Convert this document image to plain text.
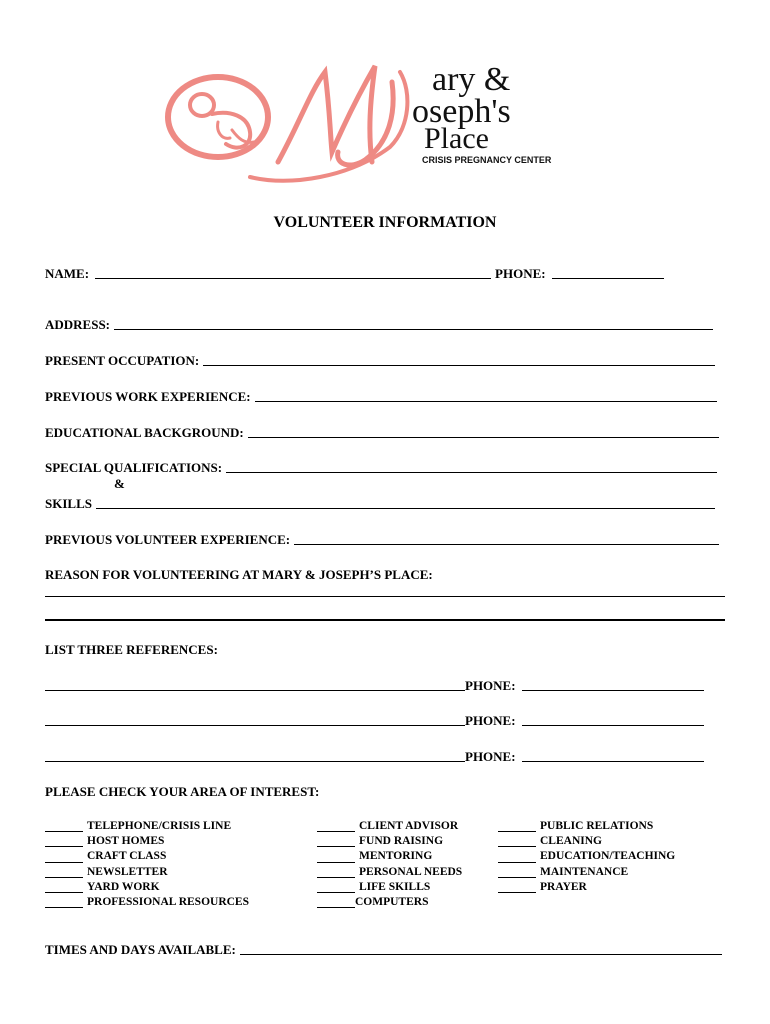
ary &
oseph's
Place
CRISIS PREGNANCY CENTER
VOLUNTEER INFORMATION
NAME:	PHONE:
ADDRESS:
PRESENT OCCUPATION:
PREVIOUS WORK EXPERIENCE:
EDUCATIONAL BACKGROUND:
SPECIAL QUALIFICATIONS:
&
SKILLS
PREVIOUS VOLUNTEER EXPERIENCE:
REASON FOR VOLUNTEERING AT MARY & JOSEPH’S PLACE:
LIST THREE REFERENCES:
PHONE:
PHONE:
PHONE:
PLEASE CHECK YOUR AREA OF INTEREST:
TELEPHONE/CRISIS LINE
HOST HOMES
CRAFT CLASS
NEWSLETTER
YARD WORK
PROFESSIONAL RESOURCES
CLIENT ADVISOR
FUND RAISING
MENTORING
PERSONAL NEEDS
LIFE SKILLS
COMPUTERS
PUBLIC RELATIONS
CLEANING
EDUCATION/TEACHING
MAINTENANCE
PRAYER
TIMES AND DAYS AVAILABLE:
